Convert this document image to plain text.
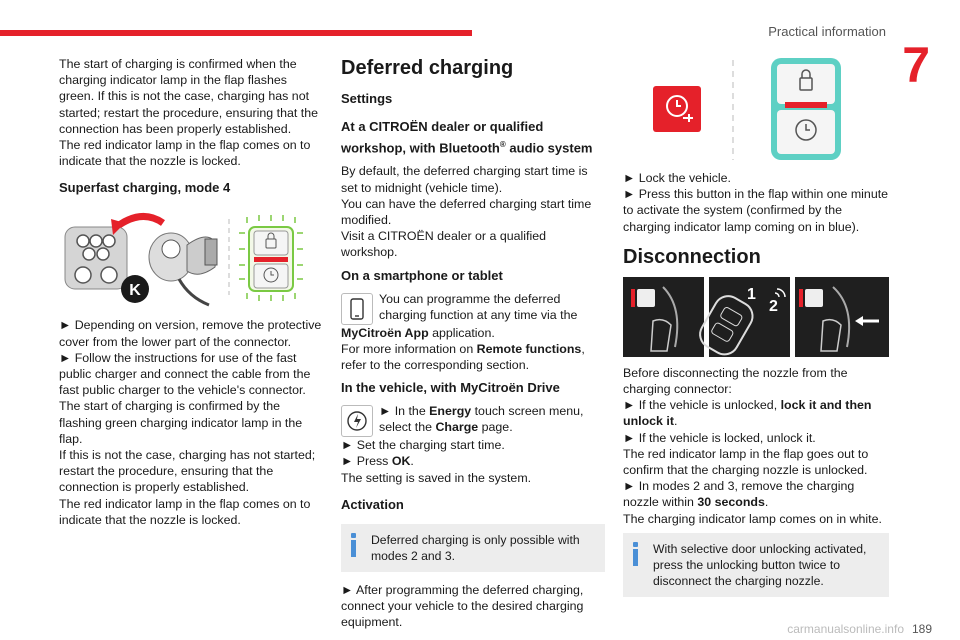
Practical information
7

The start of charging is confirmed when the charging indicator lamp in the flap flashes green. If this is not the case, charging has not started; restart the procedure, ensuring that the connection has been properly established.

The red indicator lamp in the flap comes on to indicate that the nozzle is locked.

Superfast charging, mode 4
K

► Depending on version, remove the protective cover from the lower part of the connector.

► Follow the instructions for use of the fast public charger and connect the cable from the fast public charger to the vehicle's connector.

The start of charging is confirmed by the flashing green charging indicator lamp in the flap.

If this is not the case, charging has not started; restart the procedure, ensuring that the connection is properly established.

The red indicator lamp in the flap comes on to indicate that the nozzle is locked.

Deferred charging
Settings
At a CITROËN dealer or qualified workshop, with Bluetooth® audio system

By default, the deferred charging start time is set to midnight (vehicle time).

You can have the deferred charging start time modified.

Visit a CITROËN dealer or a qualified workshop.

On a smartphone or tablet

You can programme the deferred charging function at any time via the

MyCitroën App application.

For more information on Remote functions, refer to the corresponding section.

In the vehicle, with MyCitroën Drive

► In the Energy touch screen menu, select the Charge page.

► Set the charging start time.

► Press OK.

The setting is saved in the system.

Activation
Deferred charging is only possible with modes 2 and 3.

► After programming the deferred charging, connect your vehicle to the desired charging equipment.

► Lock the vehicle.

► Press this button in the flap within one minute to activate the system (confirmed by the charging indicator lamp coming on in blue).

Disconnection
1
2

Before disconnecting the nozzle from the charging connector:

► If the vehicle is unlocked, lock it and then unlock it.

► If the vehicle is locked, unlock it.

The red indicator lamp in the flap goes out to confirm that the charging nozzle is unlocked.

► In modes 2 and 3, remove the charging nozzle within 30 seconds.

The charging indicator lamp comes on in white.

With selective door unlocking activated, press the unlocking button twice to disconnect the charging nozzle.
carmanualsonline.info 189
